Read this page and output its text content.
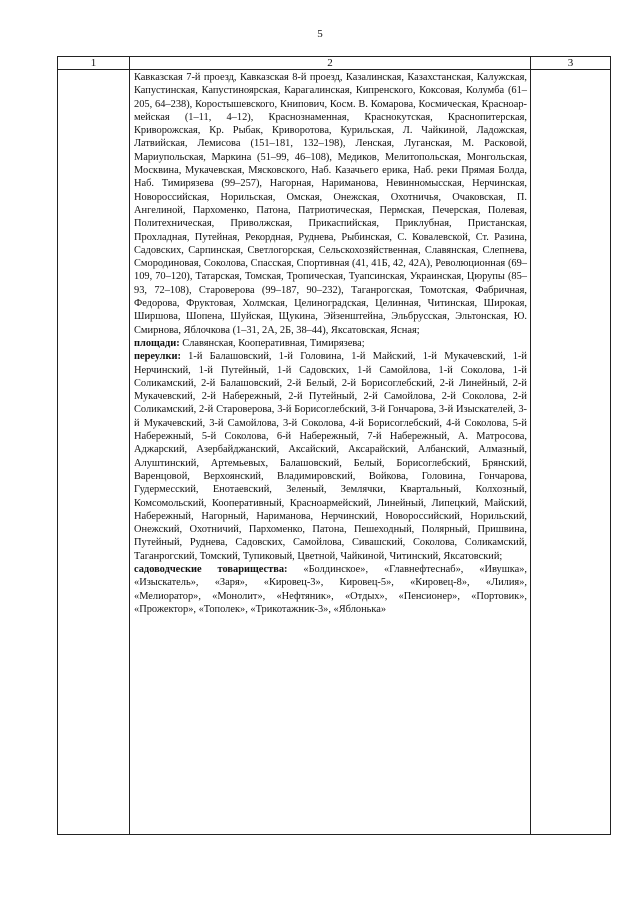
5
1	2	3

	Кавказская 7-й проезд, Кавказская 8-й проезд, Казалинская, Казахстанская, Калужская, Капустинская, Капустиноярская, Карагалинская, Кипренского, Коксовая, Колумба (61–205, 64–238), Коростышевского, Книпович, Косм. В. Комарова, Космическая, Красноармейская (1–11, 4–12), Краснознаменная, Краснокутская, Краснопитерская, Криворожская, Кр. Рыбак, Криворотова, Курильская, Л. Чайкиной, Ладожская, Латвийская, Лемисова (151–181, 132–198), Ленская, Луганская, М. Расковой, Мариупольская, Маркина (51–99, 46–108), Медиков, Мелитопольская, Монгольская, Москвина, Мукачевская, Мясковского, Наб. Казачьего ерика, Наб. реки Прямая Болда, Наб. Тимирязева (99–257), Нагорная, Нариманова, Невинномысская, Нерчинская, Новороссийская, Норильская, Омская, Онежская, Охотничья, Очаковская, П. Ангелиной, Пархоменко, Патона, Патриотическая, Пермская, Печерская, Полевая, Политехническая, Приволжская, Прикаспийская, Приклубная, Пристанская, Прохладная, Путейная, Рекордная, Руднева, Рыбинская, С. Ковалевской, Ст. Разина, Садовских, Сарпинская, Светлогорская, Сельскохозяйственная, Славянская, Слепнева, Смородиновая, Соколова, Спасская, Спортивная (41, 41Б, 42, 42А), Революционная (69–109, 70–120), Татарская, Томская, Тропическая, Туапсинская, Украинская, Цюрупы (85–93, 72–108), Староверова (99–187, 90–232), Таганрогская, Томотская, Фабричная, Федорова, Фруктовая, Холмская, Целиноградская, Целинная, Читинская, Широкая, Ширшова, Шопена, Шуйская, Щукина, Эйзенштейна, Эльбрусская, Эльтонская, Ю. Смирнова, Яблочкова (1–31, 2А, 2Б, 38–44), Яксатовская, Ясная;

площади: Славянская, Кооперативная, Тимирязева;

переулки: 1-й Балашовский, 1-й Головина, 1-й Майский, 1-й Мукачевский, 1-й Нерчинский, 1-й Путейный, 1-й Садовских, 1-й Самойлова, 1-й Соколова, 1-й Соликамский, 2-й Балашовский, 2-й Белый, 2-й Борисоглебский, 2-й Линейный, 2-й Мукачевский, 2-й Набережный, 2-й Путейный, 2-й Самойлова, 2-й Соколова, 2-й Соликамский, 2-й Староверова, 3-й Борисоглебский, 3-й Гончарова, 3-й Изыскателей, 3-й Мукачевский, 3-й Самойлова, 3-й Соколова, 4-й Борисоглебский, 4-й Соколова, 5-й Набережный, 5-й Соколова, 6-й Набережный, 7-й Набережный, А. Матросова, Аджарский, Азербайджанский, Аксайский, Аксарайский, Албанский, Алмазный, Алуштинский, Артемьевых, Балашовский, Белый, Борисоглебский, Брянский, Варенцовой, Верхоянский, Владимировский, Войкова, Головина, Гончарова, Гудермесский, Енотаевский, Зеленый, Землячки, Квартальный, Колхозный, Комсомольский, Кооперативный, Красноармейский, Линейный, Липецкий, Майский, Набережный, Нагорный, Нариманова, Нерчинский, Новороссийский, Норильский, Онежский, Охотничий, Пархоменко, Патона, Пешеходный, Полярный, Пришвина, Путейный, Руднева, Садовских, Самойлова, Сивашский, Соколова, Соликамский, Таганрогский, Томский, Тупиковый, Цветной, Чайкиной, Читинский, Яксатовский;

садоводческие товарищества: «Болдинское», «Главнефтеснаб», «Ивушка», «Изыскатель», «Заря», «Кировец-3», Кировец-5», «Кировец-8», «Лилия», «Мелиоратор», «Монолит», «Нефтяник», «Отдых», «Пенсионер», «Портовик», «Прожектор», «Тополек», «Трикотажник-3», «Яблонька»	
